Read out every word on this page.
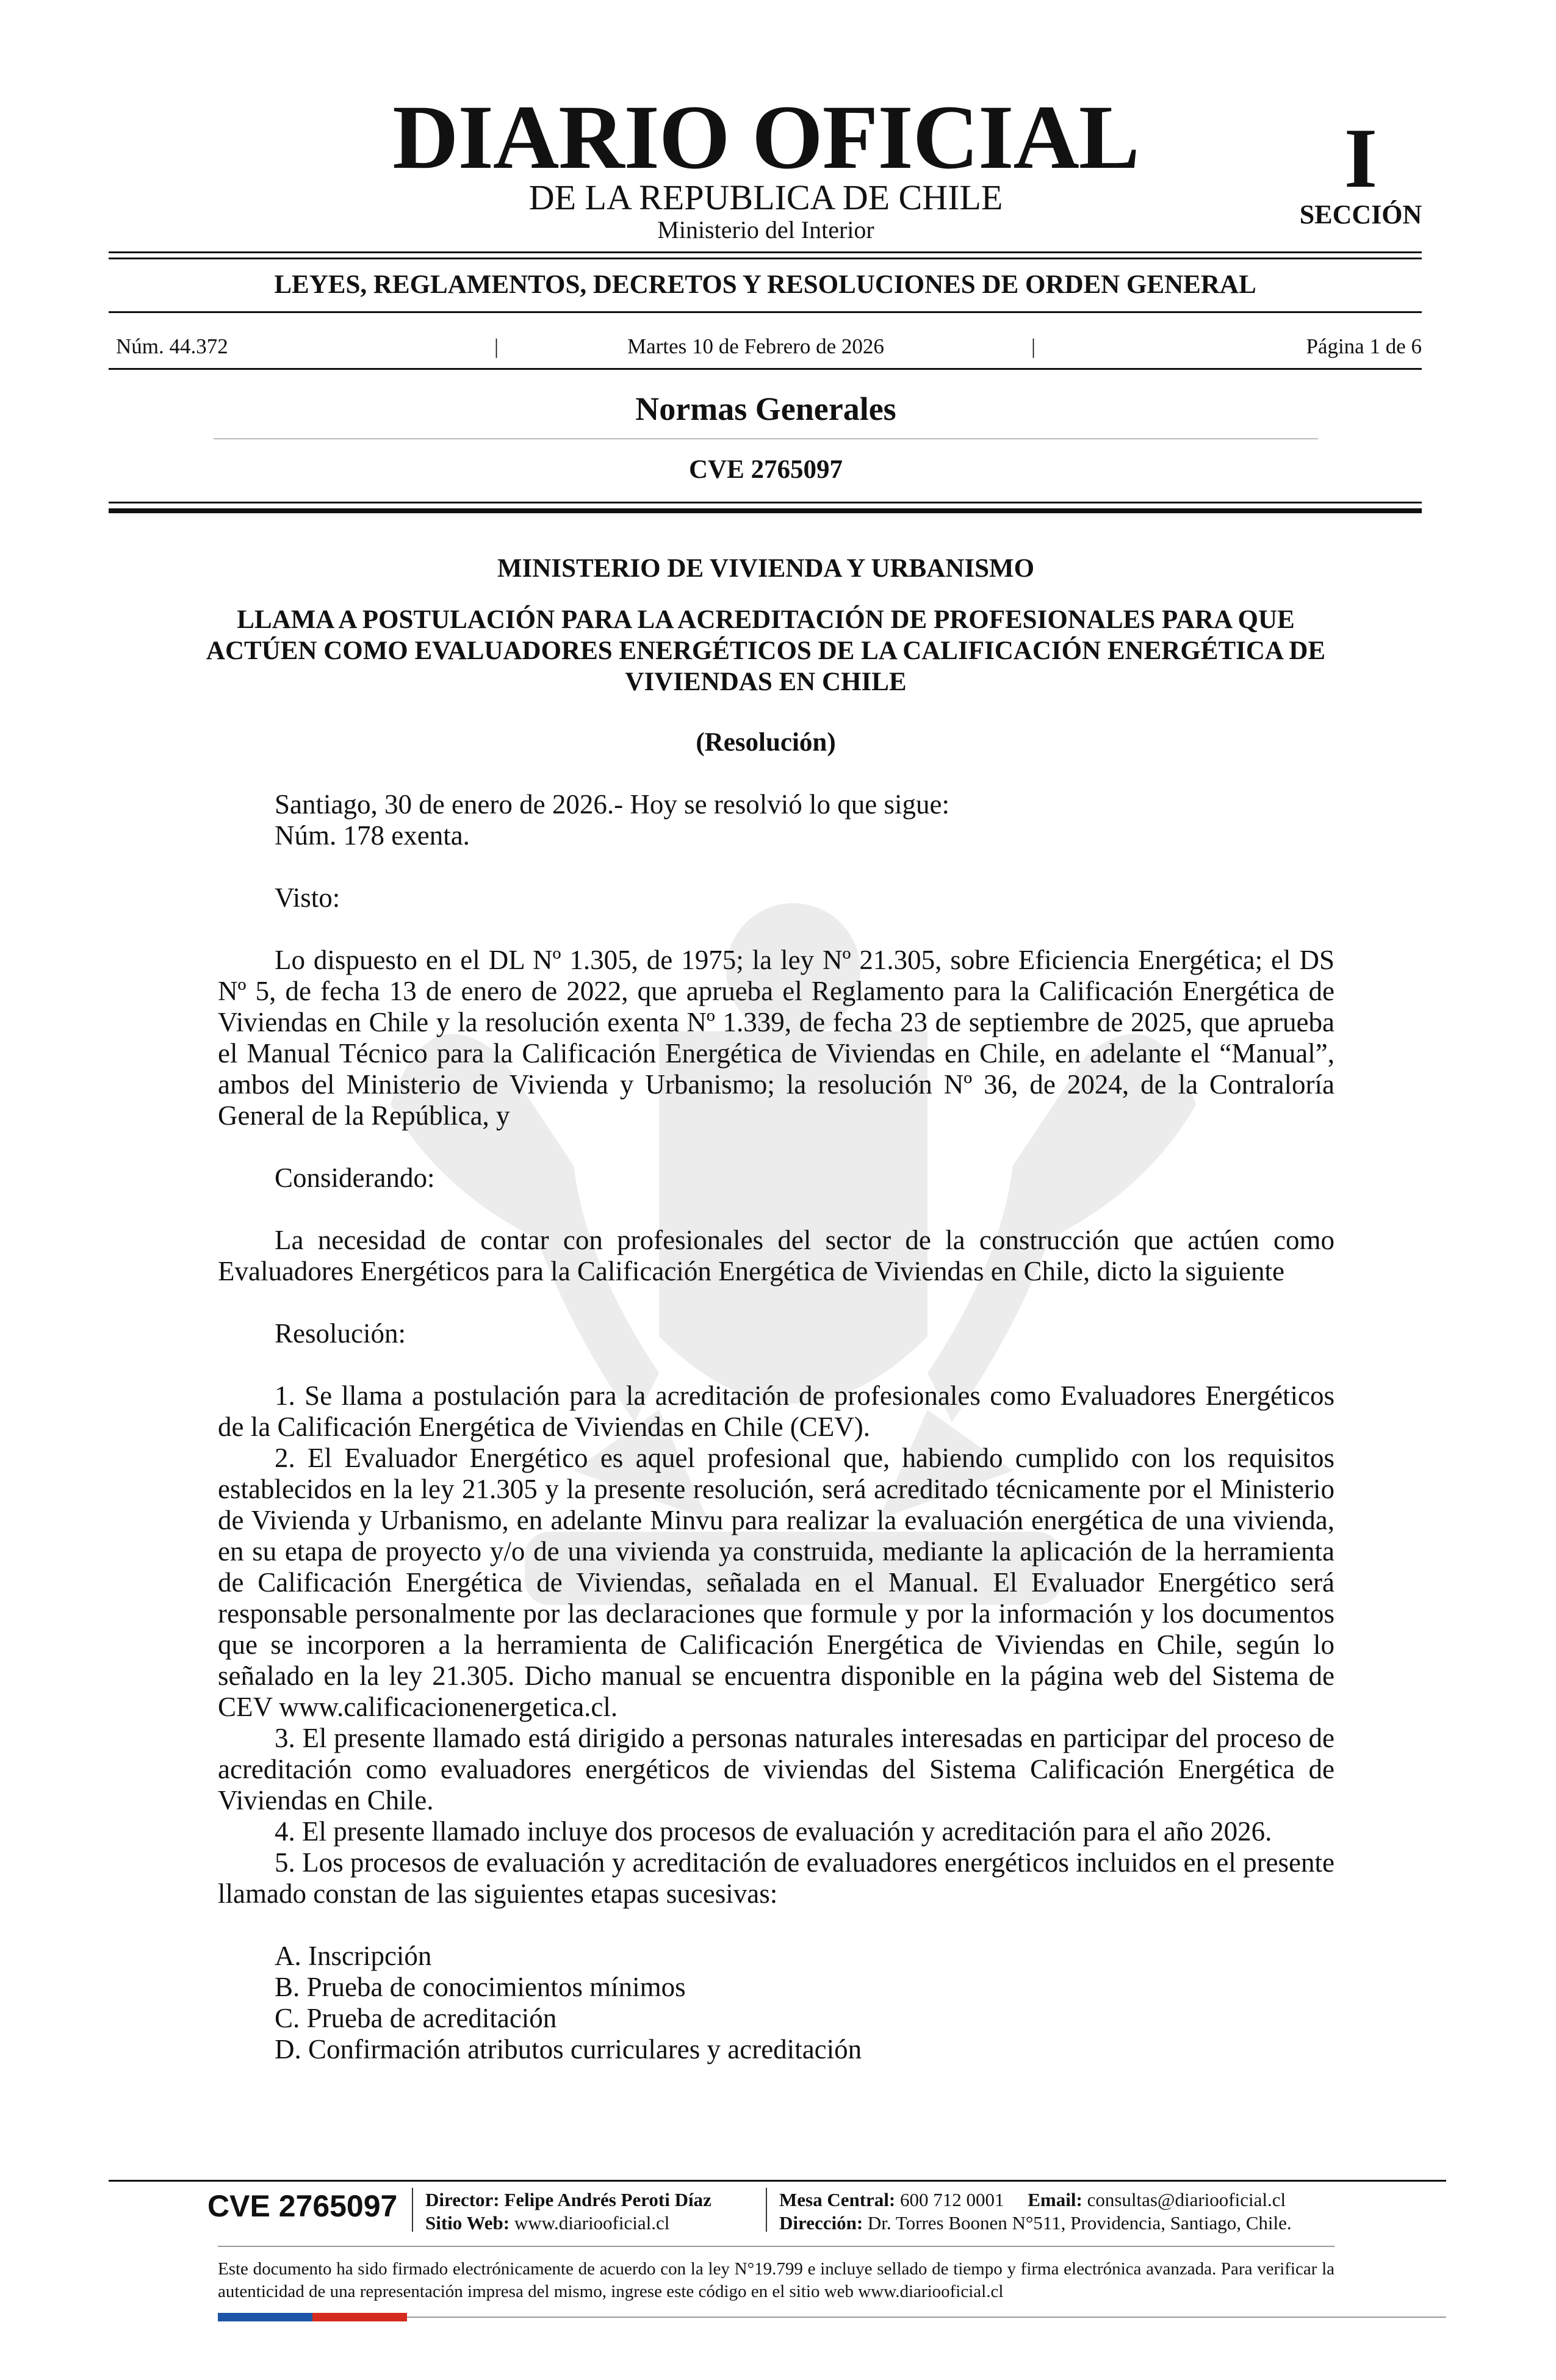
DIARIO OFICIAL
DE LA REPUBLICA DE CHILE
Ministerio del Interior
I
SECCIÓN
LEYES, REGLAMENTOS, DECRETOS Y RESOLUCIONES DE ORDEN GENERAL
Núm. 44.372	|	Martes 10 de Febrero de 2026	|	Página 1 de 6
Normas Generales
CVE 2765097
MINISTERIO DE VIVIENDA Y URBANISMO
LLAMA A POSTULACIÓN PARA LA ACREDITACIÓN DE PROFESIONALES PARA QUE ACTÚEN COMO EVALUADORES ENERGÉTICOS DE LA CALIFICACIÓN ENERGÉTICA DE VIVIENDAS EN CHILE
(Resolución)
Santiago, 30 de enero de 2026.- Hoy se resolvió lo que sigue:
Núm. 178 exenta.
Visto:
Lo dispuesto en el DL Nº 1.305, de 1975; la ley Nº 21.305, sobre Eficiencia Energética; el DS Nº 5, de fecha 13 de enero de 2022, que aprueba el Reglamento para la Calificación Energética de Viviendas en Chile y la resolución exenta Nº 1.339, de fecha 23 de septiembre de 2025, que aprueba el Manual Técnico para la Calificación Energética de Viviendas en Chile, en adelante el “Manual”, ambos del Ministerio de Vivienda y Urbanismo; la resolución Nº 36, de 2024, de la Contraloría General de la República, y
Considerando:
La necesidad de contar con profesionales del sector de la construcción que actúen como Evaluadores Energéticos para la Calificación Energética de Viviendas en Chile, dicto la siguiente
Resolución:
1. Se llama a postulación para la acreditación de profesionales como Evaluadores Energéticos de la Calificación Energética de Viviendas en Chile (CEV).
2. El Evaluador Energético es aquel profesional que, habiendo cumplido con los requisitos establecidos en la ley 21.305 y la presente resolución, será acreditado técnicamente por el Ministerio de Vivienda y Urbanismo, en adelante Minvu para realizar la evaluación energética de una vivienda, en su etapa de proyecto y/o de una vivienda ya construida, mediante la aplicación de la herramienta de Calificación Energética de Viviendas, señalada en el Manual. El Evaluador Energético será responsable personalmente por las declaraciones que formule y por la información y los documentos que se incorporen a la herramienta de Calificación Energética de Viviendas en Chile, según lo señalado en la ley 21.305. Dicho manual se encuentra disponible en la página web del Sistema de CEV www.calificacionenergetica.cl.
3. El presente llamado está dirigido a personas naturales interesadas en participar del proceso de acreditación como evaluadores energéticos de viviendas del Sistema Calificación Energética de Viviendas en Chile.
4. El presente llamado incluye dos procesos de evaluación y acreditación para el año 2026.
5. Los procesos de evaluación y acreditación de evaluadores energéticos incluidos en el presente llamado constan de las siguientes etapas sucesivas:
A. Inscripción
B. Prueba de conocimientos mínimos
C. Prueba de acreditación
D. Confirmación atributos curriculares y acreditación
CVE 2765097 Director: Felipe Andrés Peroti Díaz
Sitio Web: www.diariooficial.cl
Mesa Central: 600 712 0001 Email: consultas@diariooficial.cl
Dirección: Dr. Torres Boonen N°511, Providencia, Santiago, Chile.
Este documento ha sido firmado electrónicamente de acuerdo con la ley N°19.799 e incluye sellado de tiempo y firma electrónica avanzada. Para verificar la autenticidad de una representación impresa del mismo, ingrese este código en el sitio web www.diariooficial.cl
